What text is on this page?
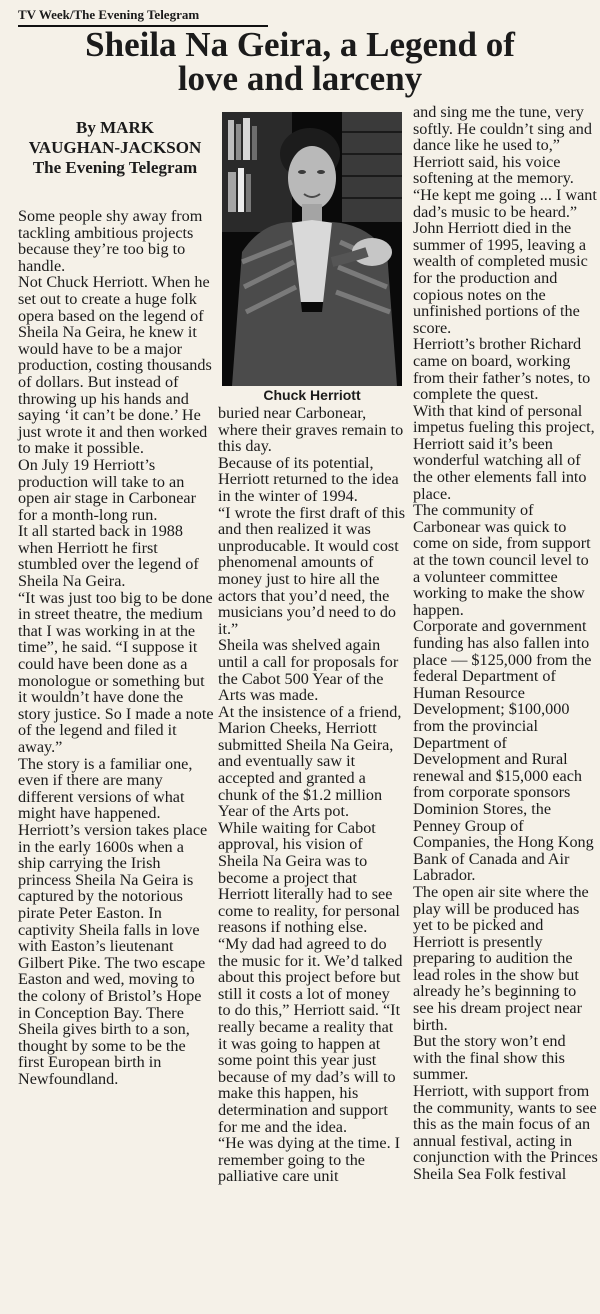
TV Week/The Evening Telegram
Sheila Na Geira, a Legend of
love and larceny
By MARK
VAUGHAN-JACKSON
The Evening Telegram

Some people shy away from tackling ambitious projects because they’re too big to handle.

Not Chuck Herriott. When he set out to create a huge folk opera based on the legend of Sheila Na Geira, he knew it would have to be a major production, costing thousands of dollars. But instead of throwing up his hands and saying ‘it can’t be done.’ He just wrote it and then worked to make it possible.

On July 19 Herriott’s production will take to an open air stage in Carbonear for a month-long run.

It all started back in 1988 when Herriott he first stumbled over the legend of Sheila Na Geira.

“It was just too big to be done in street theatre, the medium that I was working in at the time”, he said. “I suppose it could have been done as a monologue or something but it wouldn’t have done the story justice. So I made a note of the legend and filed it away.”

The story is a familiar one, even if there are many different versions of what might have happened.

Herriott’s version takes place in the early 1600s when a ship carrying the Irish princess Sheila Na Geira is captured by the notorious pirate Peter Easton. In captivity Sheila falls in love with Easton’s lieutenant Gilbert Pike. The two escape Easton and wed, moving to the colony of Bristol’s Hope in Conception Bay. There Sheila gives birth to a son, thought by some to be the first European birth in Newfoundland.

Chuck Herriott

buried near Carbonear, where their graves remain to this day.

Because of its potential, Herriott returned to the idea in the winter of 1994.

“I wrote the first draft of this and then realized it was unproducable. It would cost phenomenal amounts of money just to hire all the actors that you’d need, the musicians you’d need to do it.”

Sheila was shelved again until a call for proposals for the Cabot 500 Year of the Arts was made.

At the insistence of a friend, Marion Cheeks, Herriott submitted Sheila Na Geira, and eventually saw it accepted and granted a chunk of the $1.2 million Year of the Arts pot.

While waiting for Cabot approval, his vision of Sheila Na Geira was to become a project that Herriott literally had to see come to reality, for personal reasons if nothing else.

“My dad had agreed to do the music for it. We’d talked about this project before but still it costs a lot of money to do this,” Herriott said. “It really became a reality that it was going to happen at some point this year just because of my dad’s will to make this happen, his determination and support for me and the idea.

“He was dying at the time. I remember going to the palliative care unit

and sing me the tune, very softly. He couldn’t sing and dance like he used to,” Herriott said, his voice softening at the memory. “He kept me going ... I want dad’s music to be heard.”

John Herriott died in the summer of 1995, leaving a wealth of completed music for the production and copious notes on the unfinished portions of the score.

Herriott’s brother Richard came on board, working from their father’s notes, to complete the quest.

With that kind of personal impetus fueling this project, Herriott said it’s been wonderful watching all of the other elements fall into place.

The community of Carbonear was quick to come on side, from support at the town council level to a volunteer committee working to make the show happen.

Corporate and government funding has also fallen into place — $125,000 from the federal Department of Human Resource Development; $100,000 from the provincial Department of Development and Rural renewal and $15,000 each from corporate sponsors Dominion Stores, the Penney Group of Companies, the Hong Kong Bank of Canada and Air Labrador.

The open air site where the play will be produced has yet to be picked and Herriott is presently preparing to audition the lead roles in the show but already he’s beginning to see his dream project near birth.

But the story won’t end with the final show this summer.

Herriott, with support from the community, wants to see this as the main focus of an annual festival, acting in conjunction with the Princes Sheila Sea Folk festival
